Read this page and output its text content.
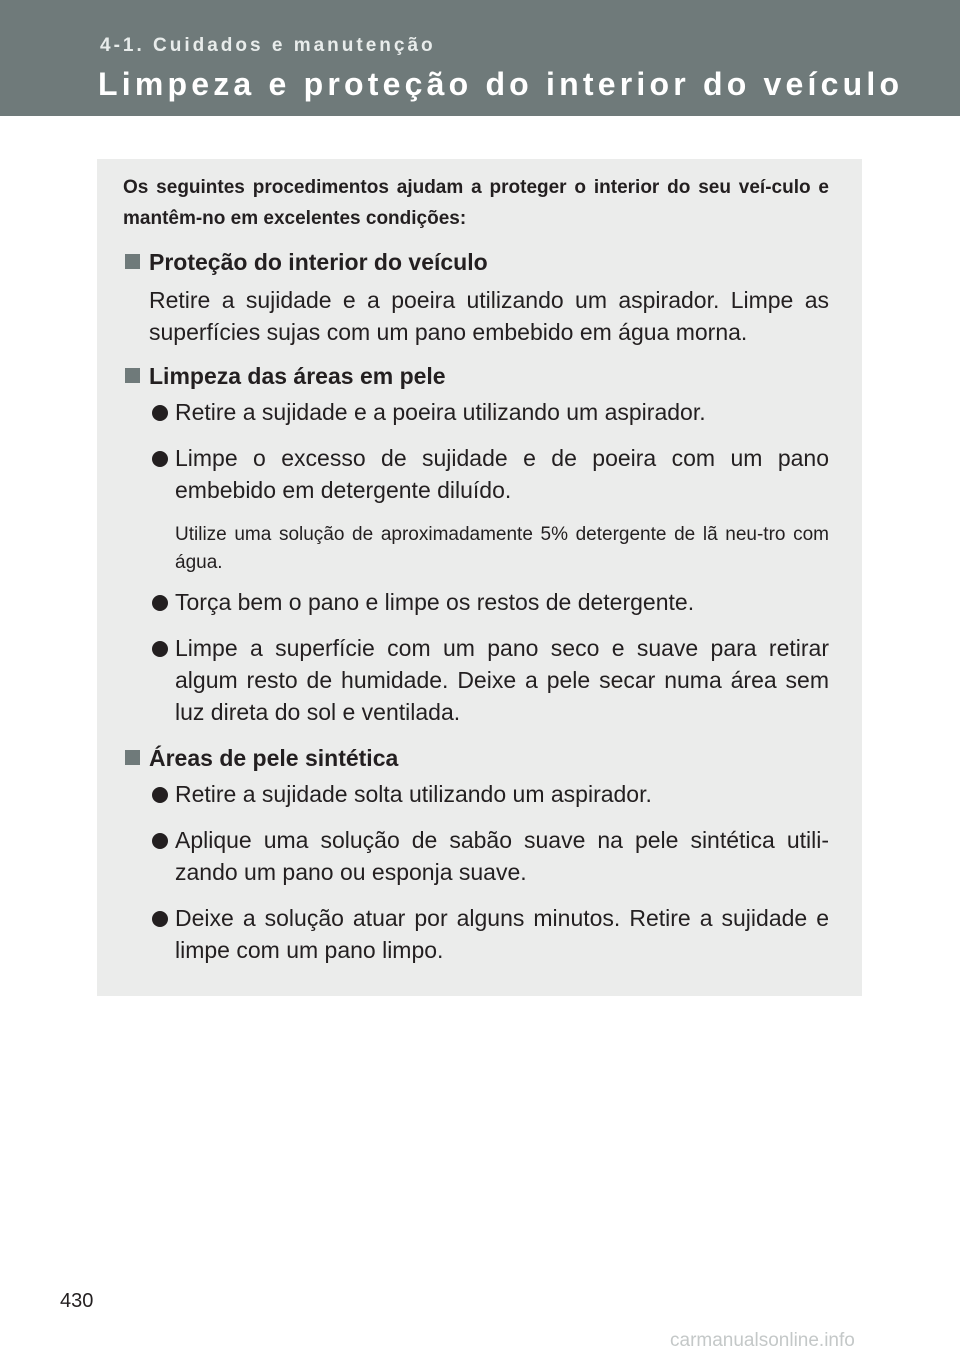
4-1. Cuidados e manutenção
Limpeza e proteção do interior do veículo
Os seguintes procedimentos ajudam a proteger o interior do seu veí-culo e mantêm-no em excelentes condições:
Proteção do interior do veículo
Retire a sujidade e a poeira utilizando um aspirador. Limpe as superfícies sujas com um pano embebido em água morna.
Limpeza das áreas em pele
Retire a sujidade e a poeira utilizando um aspirador.
Limpe o excesso de sujidade e de poeira com um pano embebido em detergente diluído.
Utilize uma solução de aproximadamente 5% detergente de lã neu-tro com água.
Torça bem o pano e limpe os restos de detergente.
Limpe a superfície com um pano seco e suave para retirar algum resto de humidade. Deixe a pele secar numa área sem luz direta do sol e ventilada.
Áreas de pele sintética
Retire a sujidade solta utilizando um aspirador.
Aplique uma solução de sabão suave na pele sintética utili-zando um pano ou esponja suave.
Deixe a solução atuar por alguns minutos. Retire a sujidade e limpe com um pano limpo.
430
carmanualsonline.info
